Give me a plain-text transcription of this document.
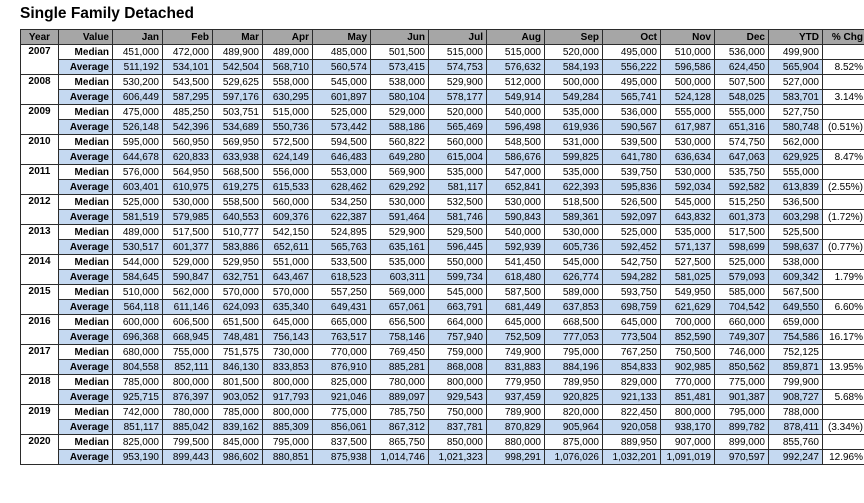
Single Family Detached
Year	Value	Jan	Feb	Mar	Apr	May	Jun	Jul	Aug	Sep	Oct	Nov	Dec	YTD	% Chg
2007	Median	451,000	472,000	489,900	489,000	485,000	501,500	515,000	515,000	520,000	495,000	510,000	536,000	499,900	
	Average	511,192	534,101	542,504	568,710	560,574	573,415	574,753	576,632	584,193	556,222	596,586	624,450	565,904	8.52%
2008	Median	530,200	543,500	529,625	558,000	545,000	538,000	529,900	512,000	500,000	495,000	500,000	507,500	527,000	
	Average	606,449	587,295	597,176	630,295	601,897	580,104	578,177	549,914	549,284	565,741	524,128	548,025	583,701	3.14%
2009	Median	475,000	485,250	503,751	515,000	525,000	529,000	520,000	540,000	535,000	536,000	555,000	555,000	527,750	
	Average	526,148	542,396	534,689	550,736	573,442	588,186	565,469	596,498	619,936	590,567	617,987	651,316	580,748	(0.51%)
2010	Median	595,000	560,950	569,950	572,500	594,500	560,822	560,000	548,500	531,000	539,500	530,000	574,750	562,000	
	Average	644,678	620,833	633,938	624,149	646,483	649,280	615,004	586,676	599,825	641,780	636,634	647,063	629,925	8.47%
2011	Median	576,000	564,950	568,500	556,000	553,000	569,900	535,000	547,000	535,000	539,750	530,000	535,750	555,000	
	Average	603,401	610,975	619,275	615,533	628,462	629,292	581,117	652,841	622,393	595,836	592,034	592,582	613,839	(2.55%)
2012	Median	525,000	530,000	558,500	560,000	534,250	530,000	532,500	530,000	518,500	526,500	545,000	515,250	536,500	
	Average	581,519	579,985	640,553	609,376	622,387	591,464	581,746	590,843	589,361	592,097	643,832	601,373	603,298	(1.72%)
2013	Median	489,000	517,500	510,777	542,150	524,895	529,900	529,500	540,000	530,000	525,000	535,000	517,500	525,500	
	Average	530,517	601,377	583,886	652,611	565,763	635,161	596,445	592,939	605,736	592,452	571,137	598,699	598,637	(0.77%)
2014	Median	544,000	529,000	529,950	551,000	533,500	535,000	550,000	541,450	545,000	542,750	527,500	525,000	538,000	
	Average	584,645	590,847	632,751	643,467	618,523	603,311	599,734	618,480	626,774	594,282	581,025	579,093	609,342	1.79%
2015	Median	510,000	562,000	570,000	570,000	557,250	569,000	545,000	587,500	589,000	593,750	549,950	585,000	567,500	
	Average	564,118	611,146	624,093	635,340	649,431	657,061	663,791	681,449	637,853	698,759	621,629	704,542	649,550	6.60%
2016	Median	600,000	606,500	651,500	645,000	665,000	656,500	664,000	645,000	668,500	645,000	700,000	660,000	659,000	
	Average	696,368	668,945	748,481	756,143	763,517	758,146	757,940	752,509	777,053	773,504	852,590	749,307	754,586	16.17%
2017	Median	680,000	755,000	751,575	730,000	770,000	769,450	759,000	749,900	795,000	767,250	750,500	746,000	752,125	
	Average	804,558	852,111	846,130	833,853	876,910	885,281	868,008	831,883	884,196	854,833	902,985	850,562	859,871	13.95%
2018	Median	785,000	800,000	801,500	800,000	825,000	780,000	800,000	779,950	789,950	829,000	770,000	775,000	799,900	
	Average	925,715	876,397	903,052	917,793	921,046	889,097	929,543	937,459	920,825	921,133	851,481	901,387	908,727	5.68%
2019	Median	742,000	780,000	785,000	800,000	775,000	785,750	750,000	789,900	820,000	822,450	800,000	795,000	788,000	
	Average	851,117	885,042	839,162	885,309	856,061	867,312	837,781	870,829	905,964	920,058	938,170	899,782	878,411	(3.34%)
2020	Median	825,000	799,500	845,000	795,000	837,500	865,750	850,000	880,000	875,000	889,950	907,000	899,000	855,760	
	Average	953,190	899,443	986,602	880,851	875,938	1,014,746	1,021,323	998,291	1,076,026	1,032,201	1,091,019	970,597	992,247	12.96%
